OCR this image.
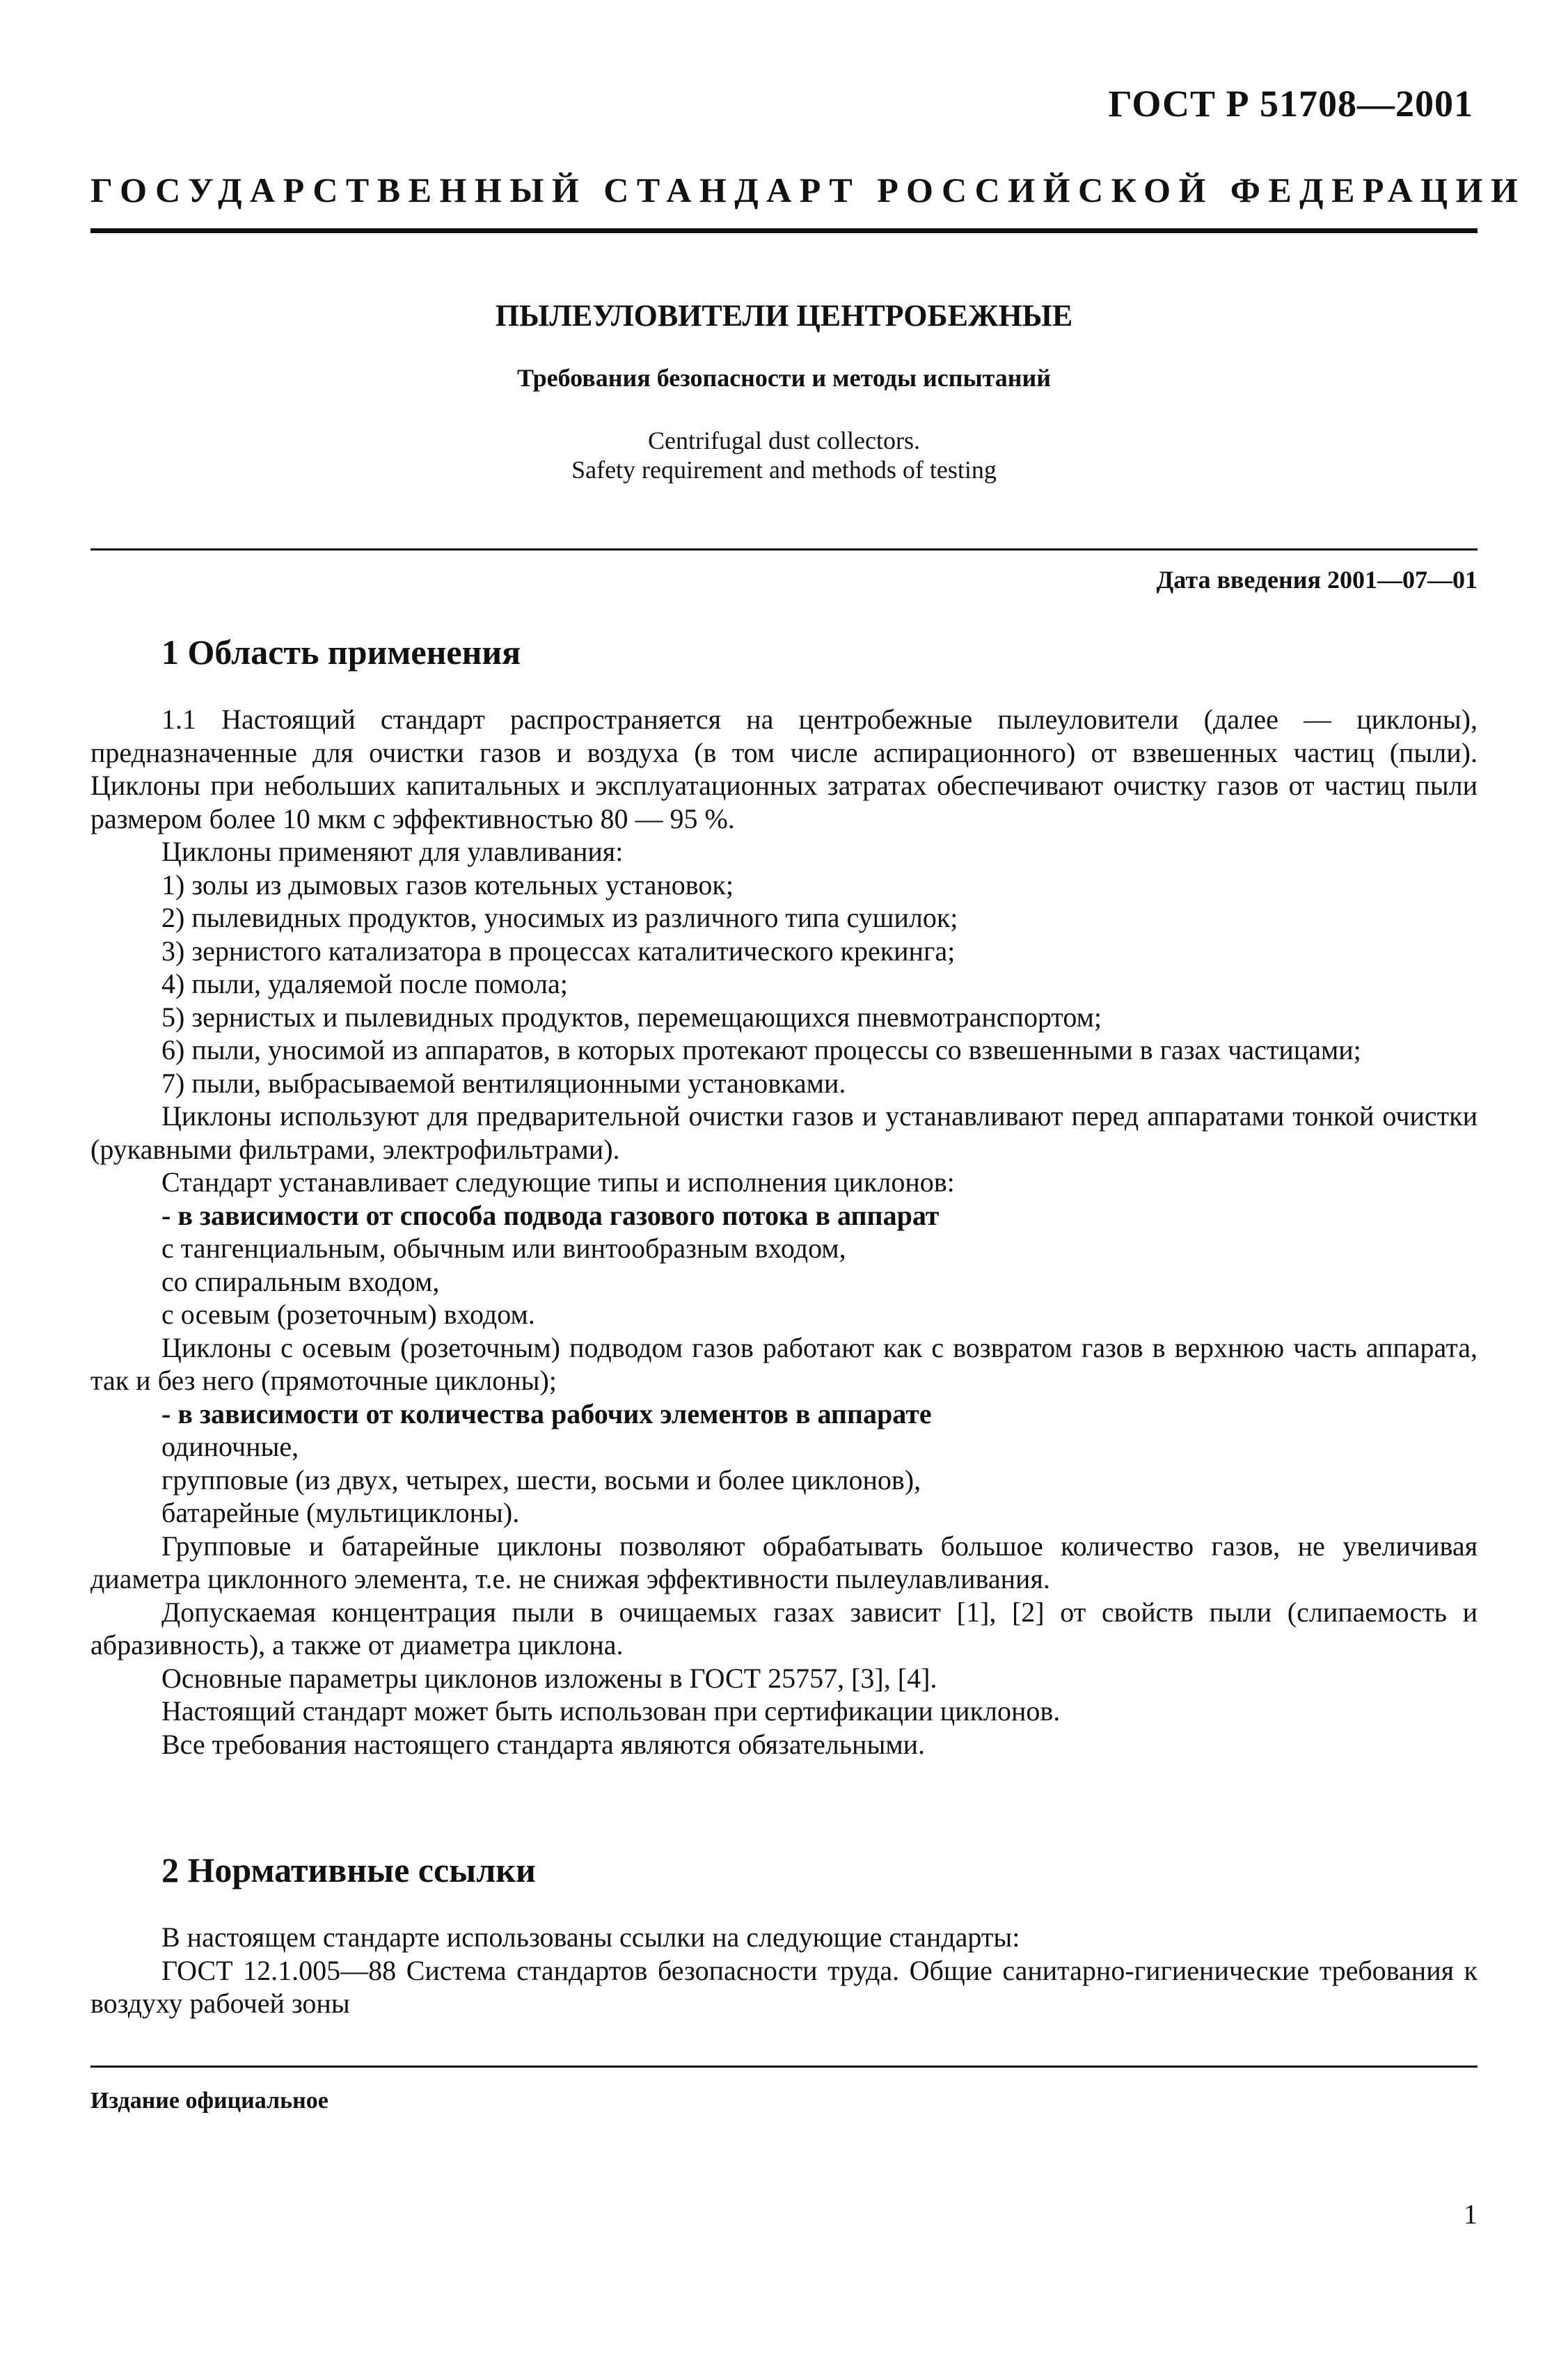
ГОСТ Р 51708—2001
ГОСУДАРСТВЕННЫЙ СТАНДАРТ РОССИЙСКОЙ ФЕДЕРАЦИИ
ПЫЛЕУЛОВИТЕЛИ ЦЕНТРОБЕЖНЫЕ
Требования безопасности и методы испытаний
Centrifugal dust collectors.
Safety requirement and methods of testing
Дата введения 2001—07—01
1 Область применения

1.1 Настоящий стандарт распространяется на центробежные пылеуловители (далее — циклоны), предназначенные для очистки газов и воздуха (в том числе аспирационного) от взвешенных частиц (пыли). Циклоны при небольших капитальных и эксплуатационных затратах обеспечивают очистку газов от частиц пыли размером более 10 мкм с эффективностью 80 — 95 %.

Циклоны применяют для улавливания:

1) золы из дымовых газов котельных установок;

2) пылевидных продуктов, уносимых из различного типа сушилок;

3) зернистого катализатора в процессах каталитического крекинга;

4) пыли, удаляемой после помола;

5) зернистых и пылевидных продуктов, перемещающихся пневмотранспортом;

6) пыли, уносимой из аппаратов, в которых протекают процессы со взвешенными в газах частицами;

7) пыли, выбрасываемой вентиляционными установками.

Циклоны используют для предварительной очистки газов и устанавливают перед аппаратами тонкой очистки (рукавными фильтрами, электрофильтрами).

Стандарт устанавливает следующие типы и исполнения циклонов:

- в зависимости от способа подвода газового потока в аппарат

с тангенциальным, обычным или винтообразным входом,

со спиральным входом,

с осевым (розеточным) входом.

Циклоны с осевым (розеточным) подводом газов работают как с возвратом газов в верхнюю часть аппарата, так и без него (прямоточные циклоны);

- в зависимости от количества рабочих элементов в аппарате

одиночные,

групповые (из двух, четырех, шести, восьми и более циклонов),

батарейные (мультициклоны).

Групповые и батарейные циклоны позволяют обрабатывать большое количество газов, не увеличивая диаметра циклонного элемента, т.е. не снижая эффективности пылеулавливания.

Допускаемая концентрация пыли в очищаемых газах зависит [1], [2] от свойств пыли (слипаемость и абразивность), а также от диаметра циклона.

Основные параметры циклонов изложены в ГОСТ 25757, [3], [4].

Настоящий стандарт может быть использован при сертификации циклонов.

Все требования настоящего стандарта являются обязательными.

2 Нормативные ссылки

В настоящем стандарте использованы ссылки на следующие стандарты:

ГОСТ 12.1.005—88 Система стандартов безопасности труда. Общие санитарно-гигиенические требования к воздуху рабочей зоны

Издание официальное
1
